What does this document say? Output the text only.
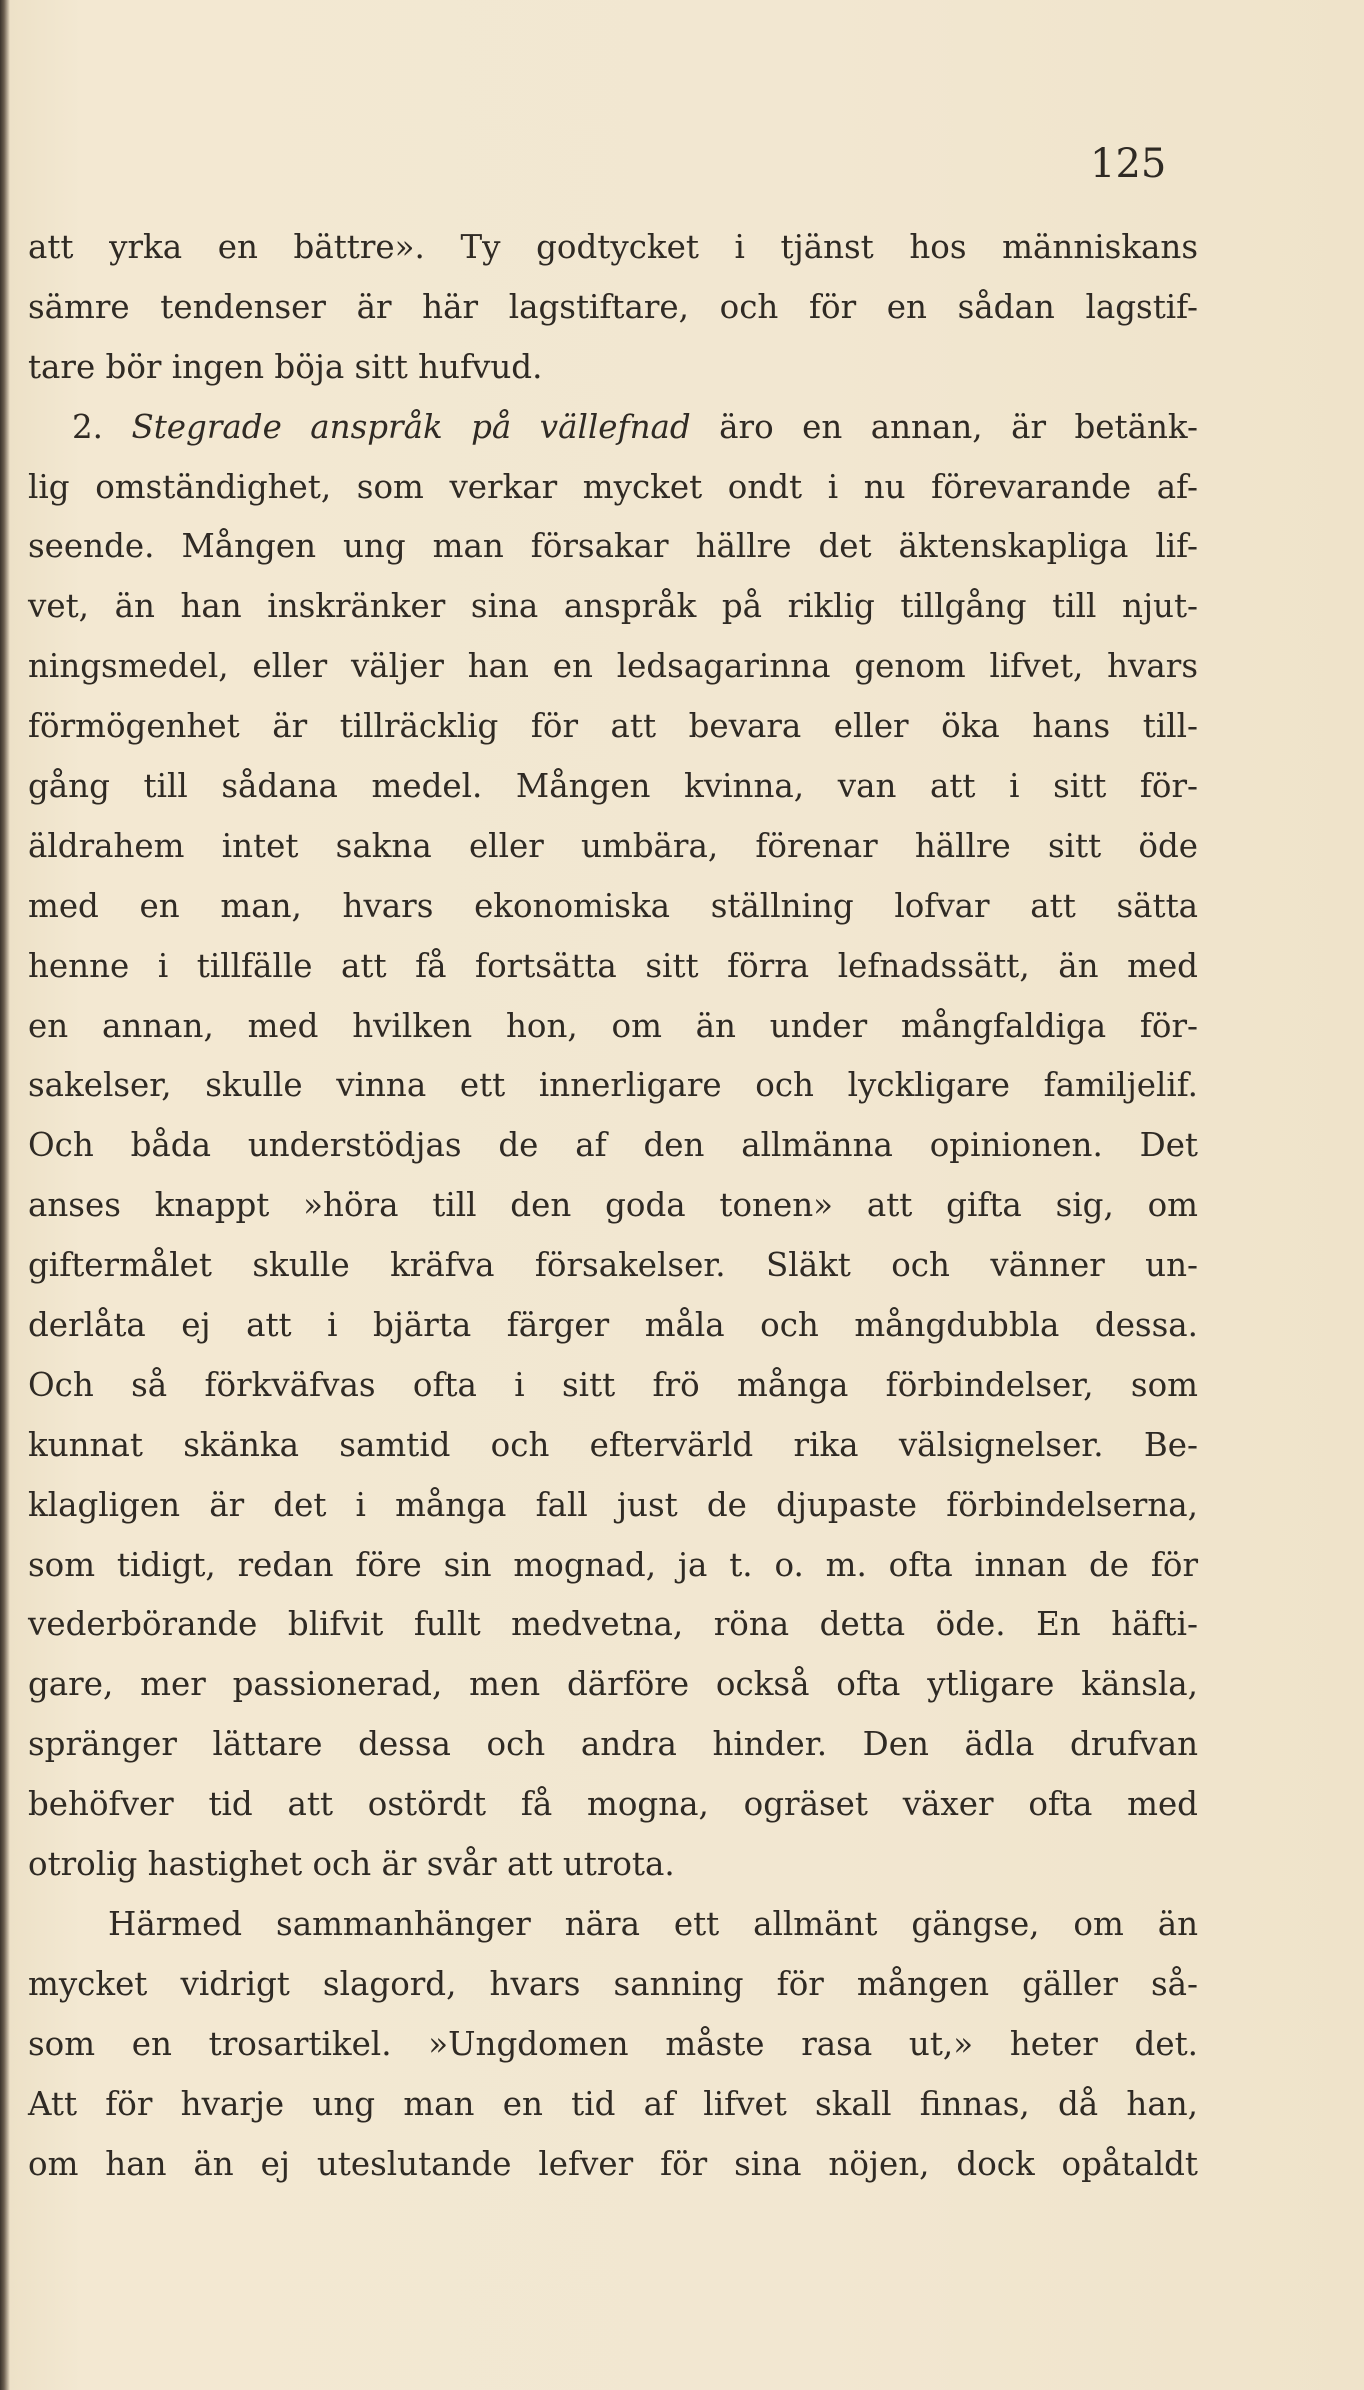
125
att yrka en bättre». Ty godtycket i tjänst hos människans
sämre tendenser är här lagstiftare, och för en sådan lagstif-
tare bör ingen böja sitt hufvud.
2. Stegrade anspråk på vällefnad äro en annan, är betänk-
lig omständighet, som verkar mycket ondt i nu förevarande af-
seende. Mången ung man försakar hällre det äktenskapliga lif-
vet, än han inskränker sina anspråk på riklig tillgång till njut-
ningsmedel, eller väljer han en ledsagarinna genom lifvet, hvars
förmögenhet är tillräcklig för att bevara eller öka hans till-
gång till sådana medel. Mången kvinna, van att i sitt för-
äldrahem intet sakna eller umbära, förenar hällre sitt öde
med en man, hvars ekonomiska ställning lofvar att sätta
henne i tillfälle att få fortsätta sitt förra lefnadssätt, än med
en annan, med hvilken hon, om än under mångfaldiga för-
sakelser, skulle vinna ett innerligare och lyckligare familjelif.
Och båda understödjas de af den allmänna opinionen. Det
anses knappt »höra till den goda tonen» att gifta sig, om
giftermålet skulle kräfva försakelser. Släkt och vänner un-
derlåta ej att i bjärta färger måla och mångdubbla dessa.
Och så förkväfvas ofta i sitt frö många förbindelser, som
kunnat skänka samtid och eftervärld rika välsignelser. Be-
klagligen är det i många fall just de djupaste förbindelserna,
som tidigt, redan före sin mognad, ja t. o. m. ofta innan de för
vederbörande blifvit fullt medvetna, röna detta öde. En häfti-
gare, mer passionerad, men därföre också ofta ytligare känsla,
spränger lättare dessa och andra hinder. Den ädla drufvan
behöfver tid att ostördt få mogna, ogräset växer ofta med
otrolig hastighet och är svår att utrota.
Härmed sammanhänger nära ett allmänt gängse, om än
mycket vidrigt slagord, hvars sanning för mången gäller så-
som en trosartikel. »Ungdomen måste rasa ut,» heter det.
Att för hvarje ung man en tid af lifvet skall finnas, då han,
om han än ej uteslutande lefver för sina nöjen, dock opåtaldt
